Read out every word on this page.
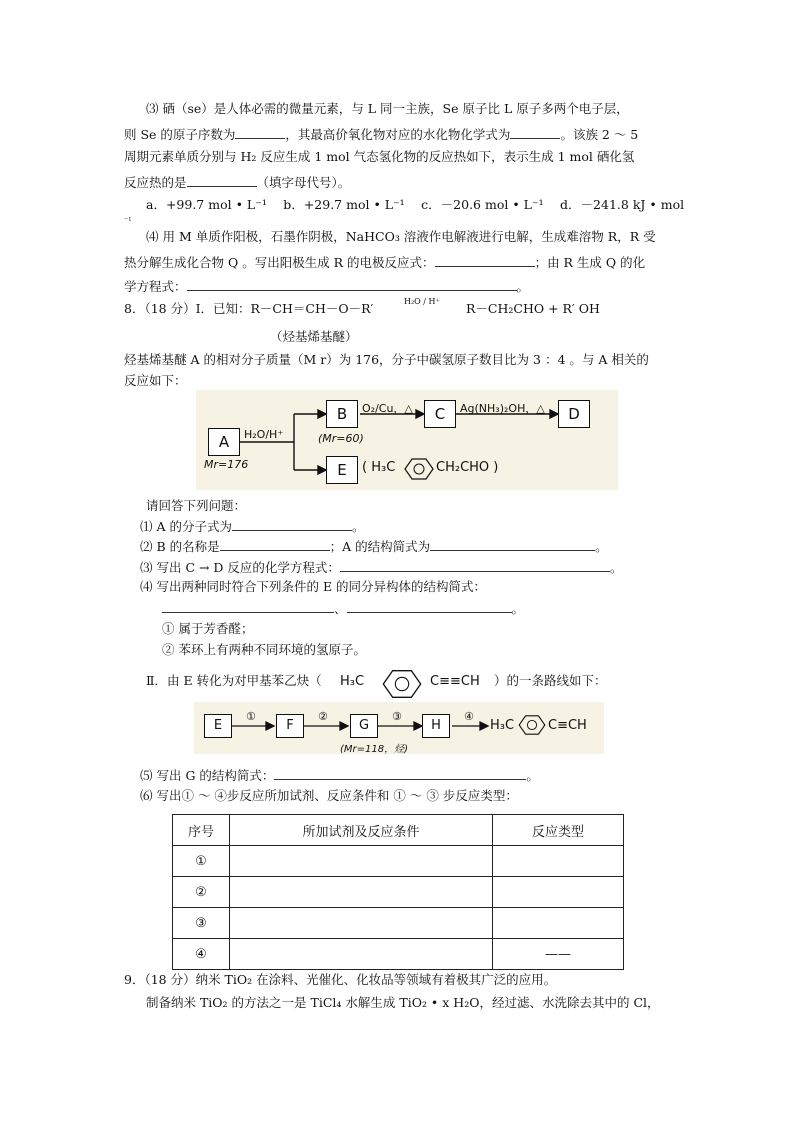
⑶ 硒（se）是人体必需的微量元素，与 L 同一主族，Se 原子比 L 原子多两个电子层，
则 Se 的原子序数为	，其最高价氧化物对应的水化物化学式为	。该族 2 ～ 5
周期元素单质分别与 H₂ 反应生成 1 mol 气态氢化物的反应热如下，表示生成 1 mol 硒化氢
反应热的是	（填字母代号）。
a．+99.7 mol • L⁻¹　 b．+29.7 mol • L⁻¹　 c．－20.6 mol • L⁻¹　 d．－241.8 kJ • mol
⁻¹
⑷ 用 M 单质作阳极，石墨作阴极，NaHCO₃ 溶液作电解液进行电解，生成难溶物 R，R 受
热分解生成化合物 Q 。写出阳极生成 R 的电极反应式：	；由 R 生成 Q 的化
学方程式：	。
8．（18 分）Ⅰ．已知：R－CH＝CH－O－R′	H₂O / H⁺ R－CH₂CHO + R′ OH
（烃基烯基醚）
烃基烯基醚 A 的相对分子质量（M r）为 176，分子中碳氢原子数目比为 3 ：4 。与 A 相关的
反应如下：
A
B	C	D
E
H₂O/H⁺
O₂/Cu，△	Ag(NH₃)₂OH，△
Mr=176
(Mr=60)
( H₃C	CH₂CHO )
请回答下列问题：
⑴ A 的分子式为	。
⑵ B 的名称是	；A 的结构简式为	。
⑶ 写出 C → D 反应的化学方程式：	。
⑷ 写出两种同时符合下列条件的 E 的同分异构体的结构简式：
、	。
① 属于芳香醛；
② 苯环上有两种不同环境的氢原子。
Ⅱ．由 E 转化为对甲基苯乙炔（ H₃C	C≡≡CH ）的一条路线如下：
E	F	G	H
①	②	③	④
(Mr=118，烃)
H₃C	C≡CH
⑸ 写出 G 的结构简式：	。
⑹ 写出① ～ ④步反应所加试剂、反应条件和 ① ～ ③ 步反应类型：
序号	所加试剂及反应条件	反应类型
①		
②		
③		
④		——
9．（18 分）纳米 TiO₂ 在涂料、光催化、化妆品等领域有着极其广泛的应用。
制备纳米 TiO₂ 的方法之一是 TiCl₄ 水解生成 TiO₂ • x H₂O，经过滤、水洗除去其中的 Cl，
